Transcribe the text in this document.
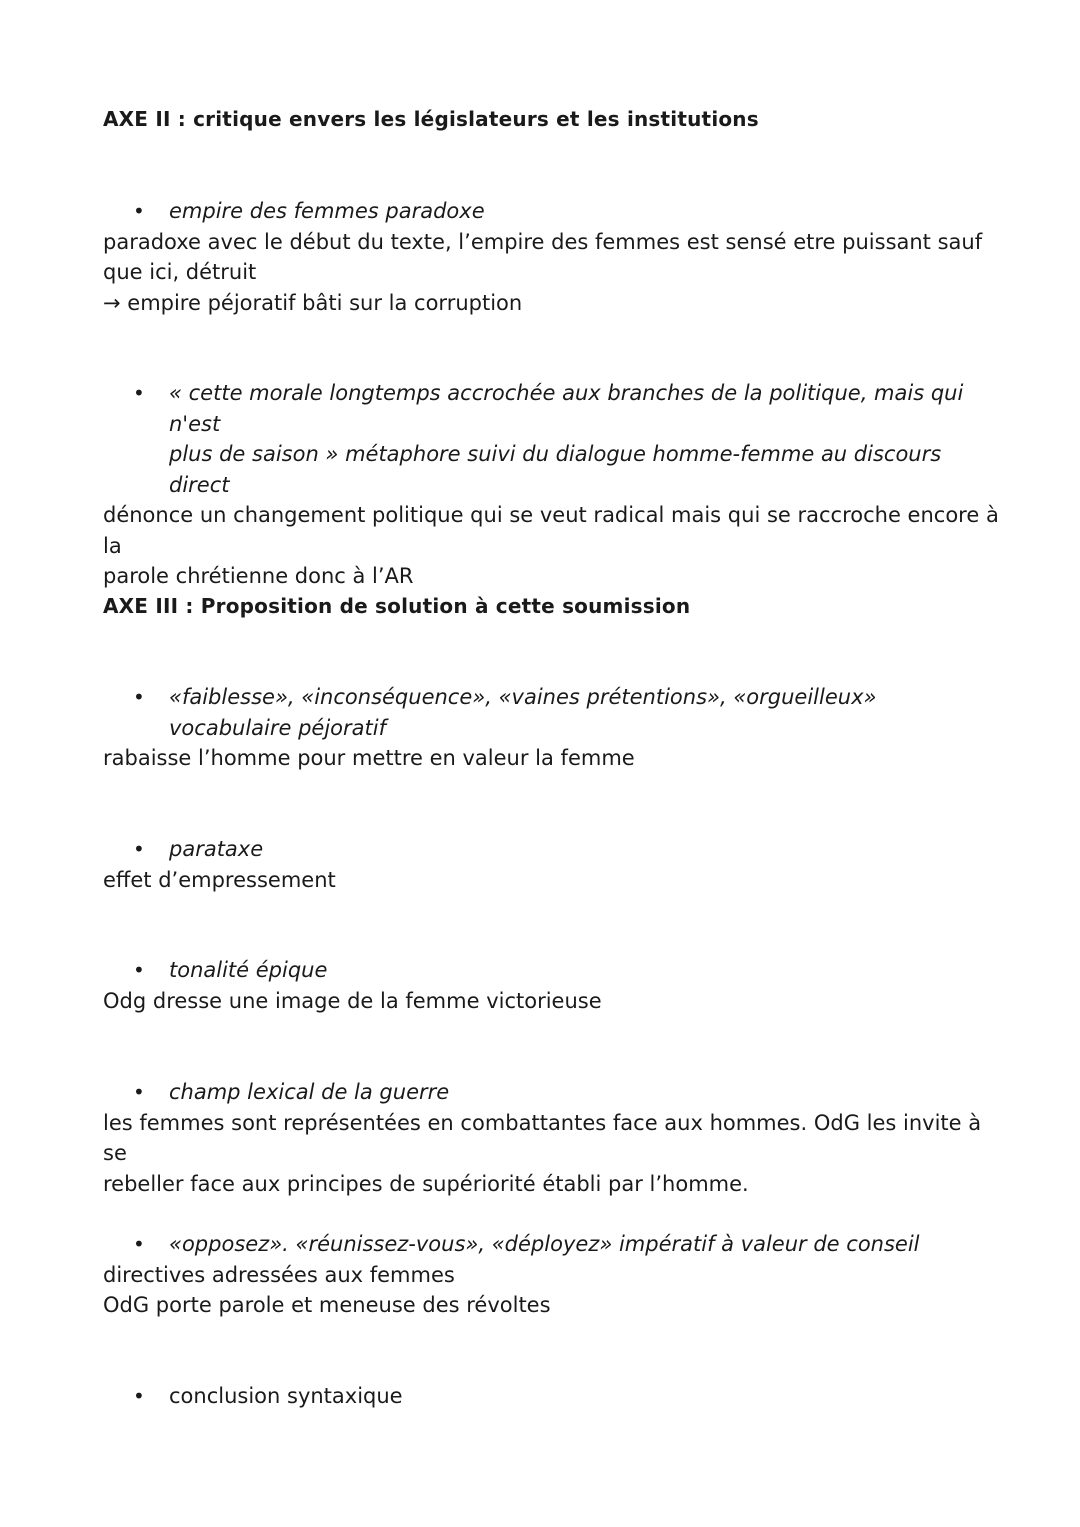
AXE II : critique envers les législateurs et les institutions

• empire des femmes paradoxe

paradoxe avec le début du texte, l’empire des femmes est sensé etre puissant sauf

que ici, détruit

→ empire péjoratif bâti sur la corruption

• « cette morale longtemps accrochée aux branches de la politique, mais qui n'est

plus de saison » métaphore suivi du dialogue homme-femme au discours direct

dénonce un changement politique qui se veut radical mais qui se raccroche encore à la

parole chrétienne donc à l’AR

AXE III : Proposition de solution à cette soumission

• «faiblesse», «inconséquence», «vaines prétentions», «orgueilleux»

vocabulaire péjoratif

rabaisse l’homme pour mettre en valeur la femme

• parataxe

effet d’empressement

• tonalité épique

Odg dresse une image de la femme victorieuse

• champ lexical de la guerre

les femmes sont représentées en combattantes face aux hommes. OdG les invite à se

rebeller face aux principes de supériorité établi par l’homme.

• «opposez». «réunissez-vous», «déployez» impératif à valeur de conseil

directives adressées aux femmes

OdG porte parole et meneuse des révoltes

• conclusion syntaxique
